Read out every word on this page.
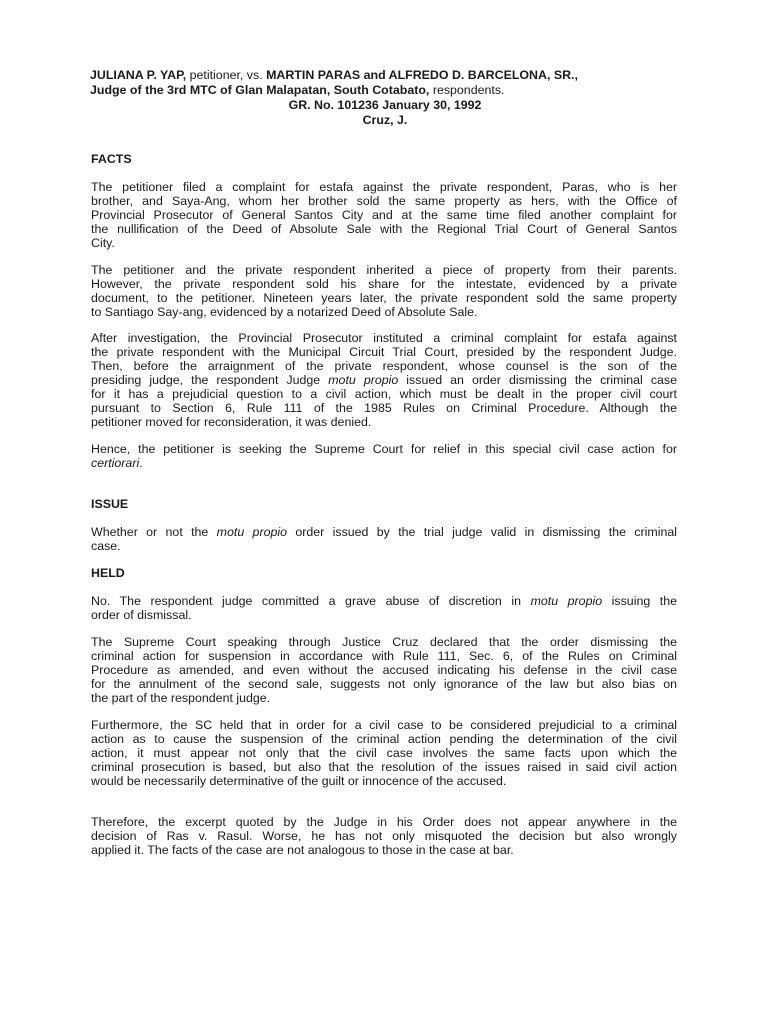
JULIANA P. YAP, petitioner, vs. MARTIN PARAS and ALFREDO D. BARCELONA, SR.,
Judge of the 3rd MTC of Glan Malapatan, South Cotabato, respondents.
GR. No. 101236 January 30, 1992
Cruz, J.
FACTS
The petitioner filed a complaint for estafa against the private respondent, Paras, who is her
brother, and Saya-Ang, whom her brother sold the same property as hers, with the Office of
Provincial Prosecutor of General Santos City and at the same time filed another complaint for
the nullification of the Deed of Absolute Sale with the Regional Trial Court of General Santos
City.
The petitioner and the private respondent inherited a piece of property from their parents.
However, the private respondent sold his share for the intestate, evidenced by a private
document, to the petitioner. Nineteen years later, the private respondent sold the same property
to Santiago Say-ang, evidenced by a notarized Deed of Absolute Sale.
After investigation, the Provincial Prosecutor instituted a criminal complaint for estafa against
the private respondent with the Municipal Circuit Trial Court, presided by the respondent Judge.
Then, before the arraignment of the private respondent, whose counsel is the son of the
presiding judge, the respondent Judge motu propio issued an order dismissing the criminal case
for it has a prejudicial question to a civil action, which must be dealt in the proper civil court
pursuant to Section 6, Rule 111 of the 1985 Rules on Criminal Procedure. Although the
petitioner moved for reconsideration, it was denied.
Hence, the petitioner is seeking the Supreme Court for relief in this special civil case action for
certiorari.
ISSUE
Whether or not the motu propio order issued by the trial judge valid in dismissing the criminal
case.
HELD
No. The respondent judge committed a grave abuse of discretion in motu propio issuing the
order of dismissal.
The Supreme Court speaking through Justice Cruz declared that the order dismissing the
criminal action for suspension in accordance with Rule 111, Sec. 6, of the Rules on Criminal
Procedure as amended, and even without the accused indicating his defense in the civil case
for the annulment of the second sale, suggests not only ignorance of the law but also bias on
the part of the respondent judge.
Furthermore, the SC held that in order for a civil case to be considered prejudicial to a criminal
action as to cause the suspension of the criminal action pending the determination of the civil
action, it must appear not only that the civil case involves the same facts upon which the
criminal prosecution is based, but also that the resolution of the issues raised in said civil action
would be necessarily determinative of the guilt or innocence of the accused.
Therefore, the excerpt quoted by the Judge in his Order does not appear anywhere in the
decision of Ras v. Rasul. Worse, he has not only misquoted the decision but also wrongly
applied it. The facts of the case are not analogous to those in the case at bar.
